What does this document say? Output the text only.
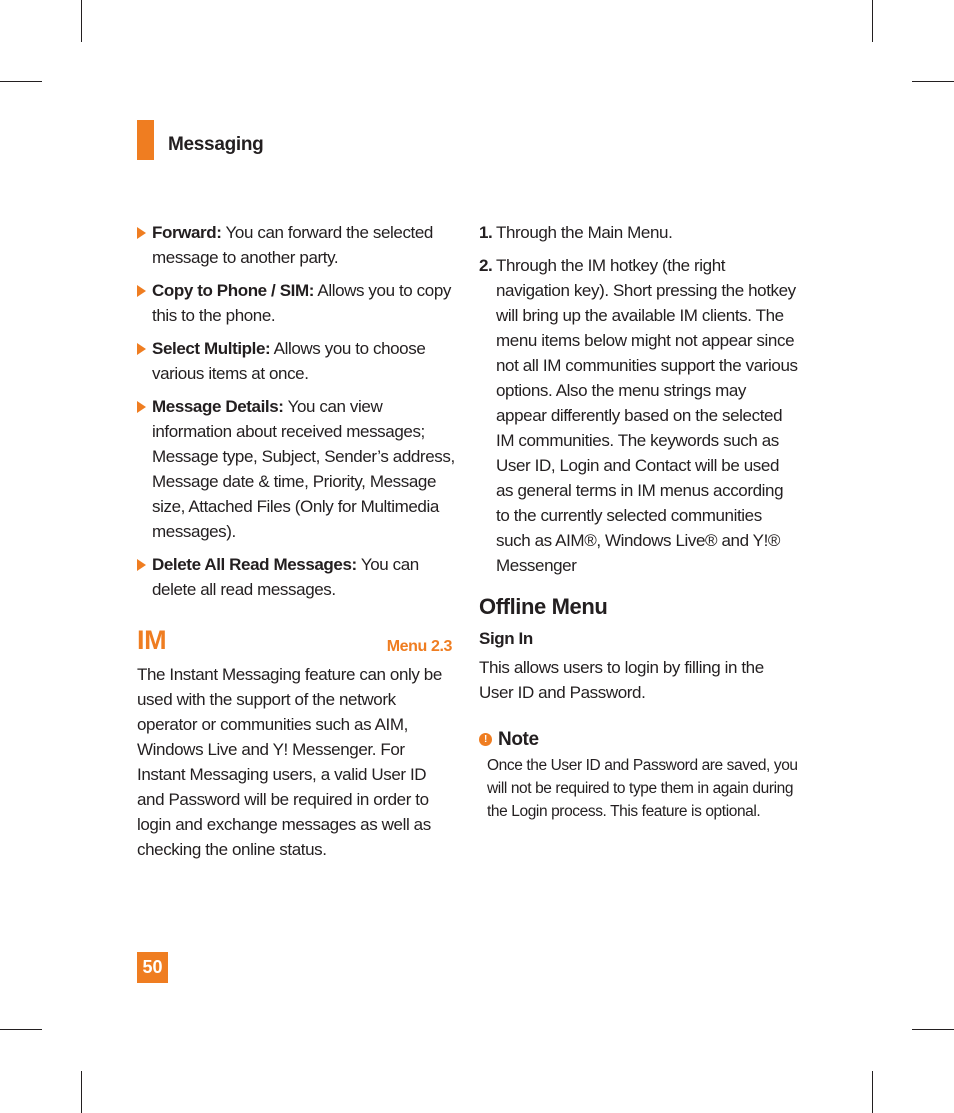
Messaging
Forward: You can forward the selected message to another party.
Copy to Phone / SIM: Allows you to copy this to the phone.
Select Multiple: Allows you to choose various items at once.
Message Details: You can view information about received messages; Message type, Subject, Sender’s address, Message date & time, Priority, Message size, Attached Files (Only for Multimedia messages).
Delete All Read Messages: You can delete all read messages.
IM	Menu 2.3

The Instant Messaging feature can only be used with the support of the network operator or communities such as AIM, Windows Live and Y! Messenger. For Instant Messaging users, a valid User ID and Password will be required in order to login and exchange messages as well as checking the online status.

1. Through the Main Menu.
2. Through the IM hotkey (the right navigation key). Short pressing the hotkey will bring up the available IM clients. The menu items below might not appear since not all IM communities support the various options. Also the menu strings may appear differently based on the selected IM communities. The keywords such as User ID, Login and Contact will be used as general terms in IM menus according to the currently selected communities such as AIM®, Windows Live® and Y!® Messenger
Offline Menu
Sign In

This allows users to login by filling in the User ID and Password.

! Note
Once the User ID and Password are saved, you will not be required to type them in again during the Login process. This feature is optional.
50
